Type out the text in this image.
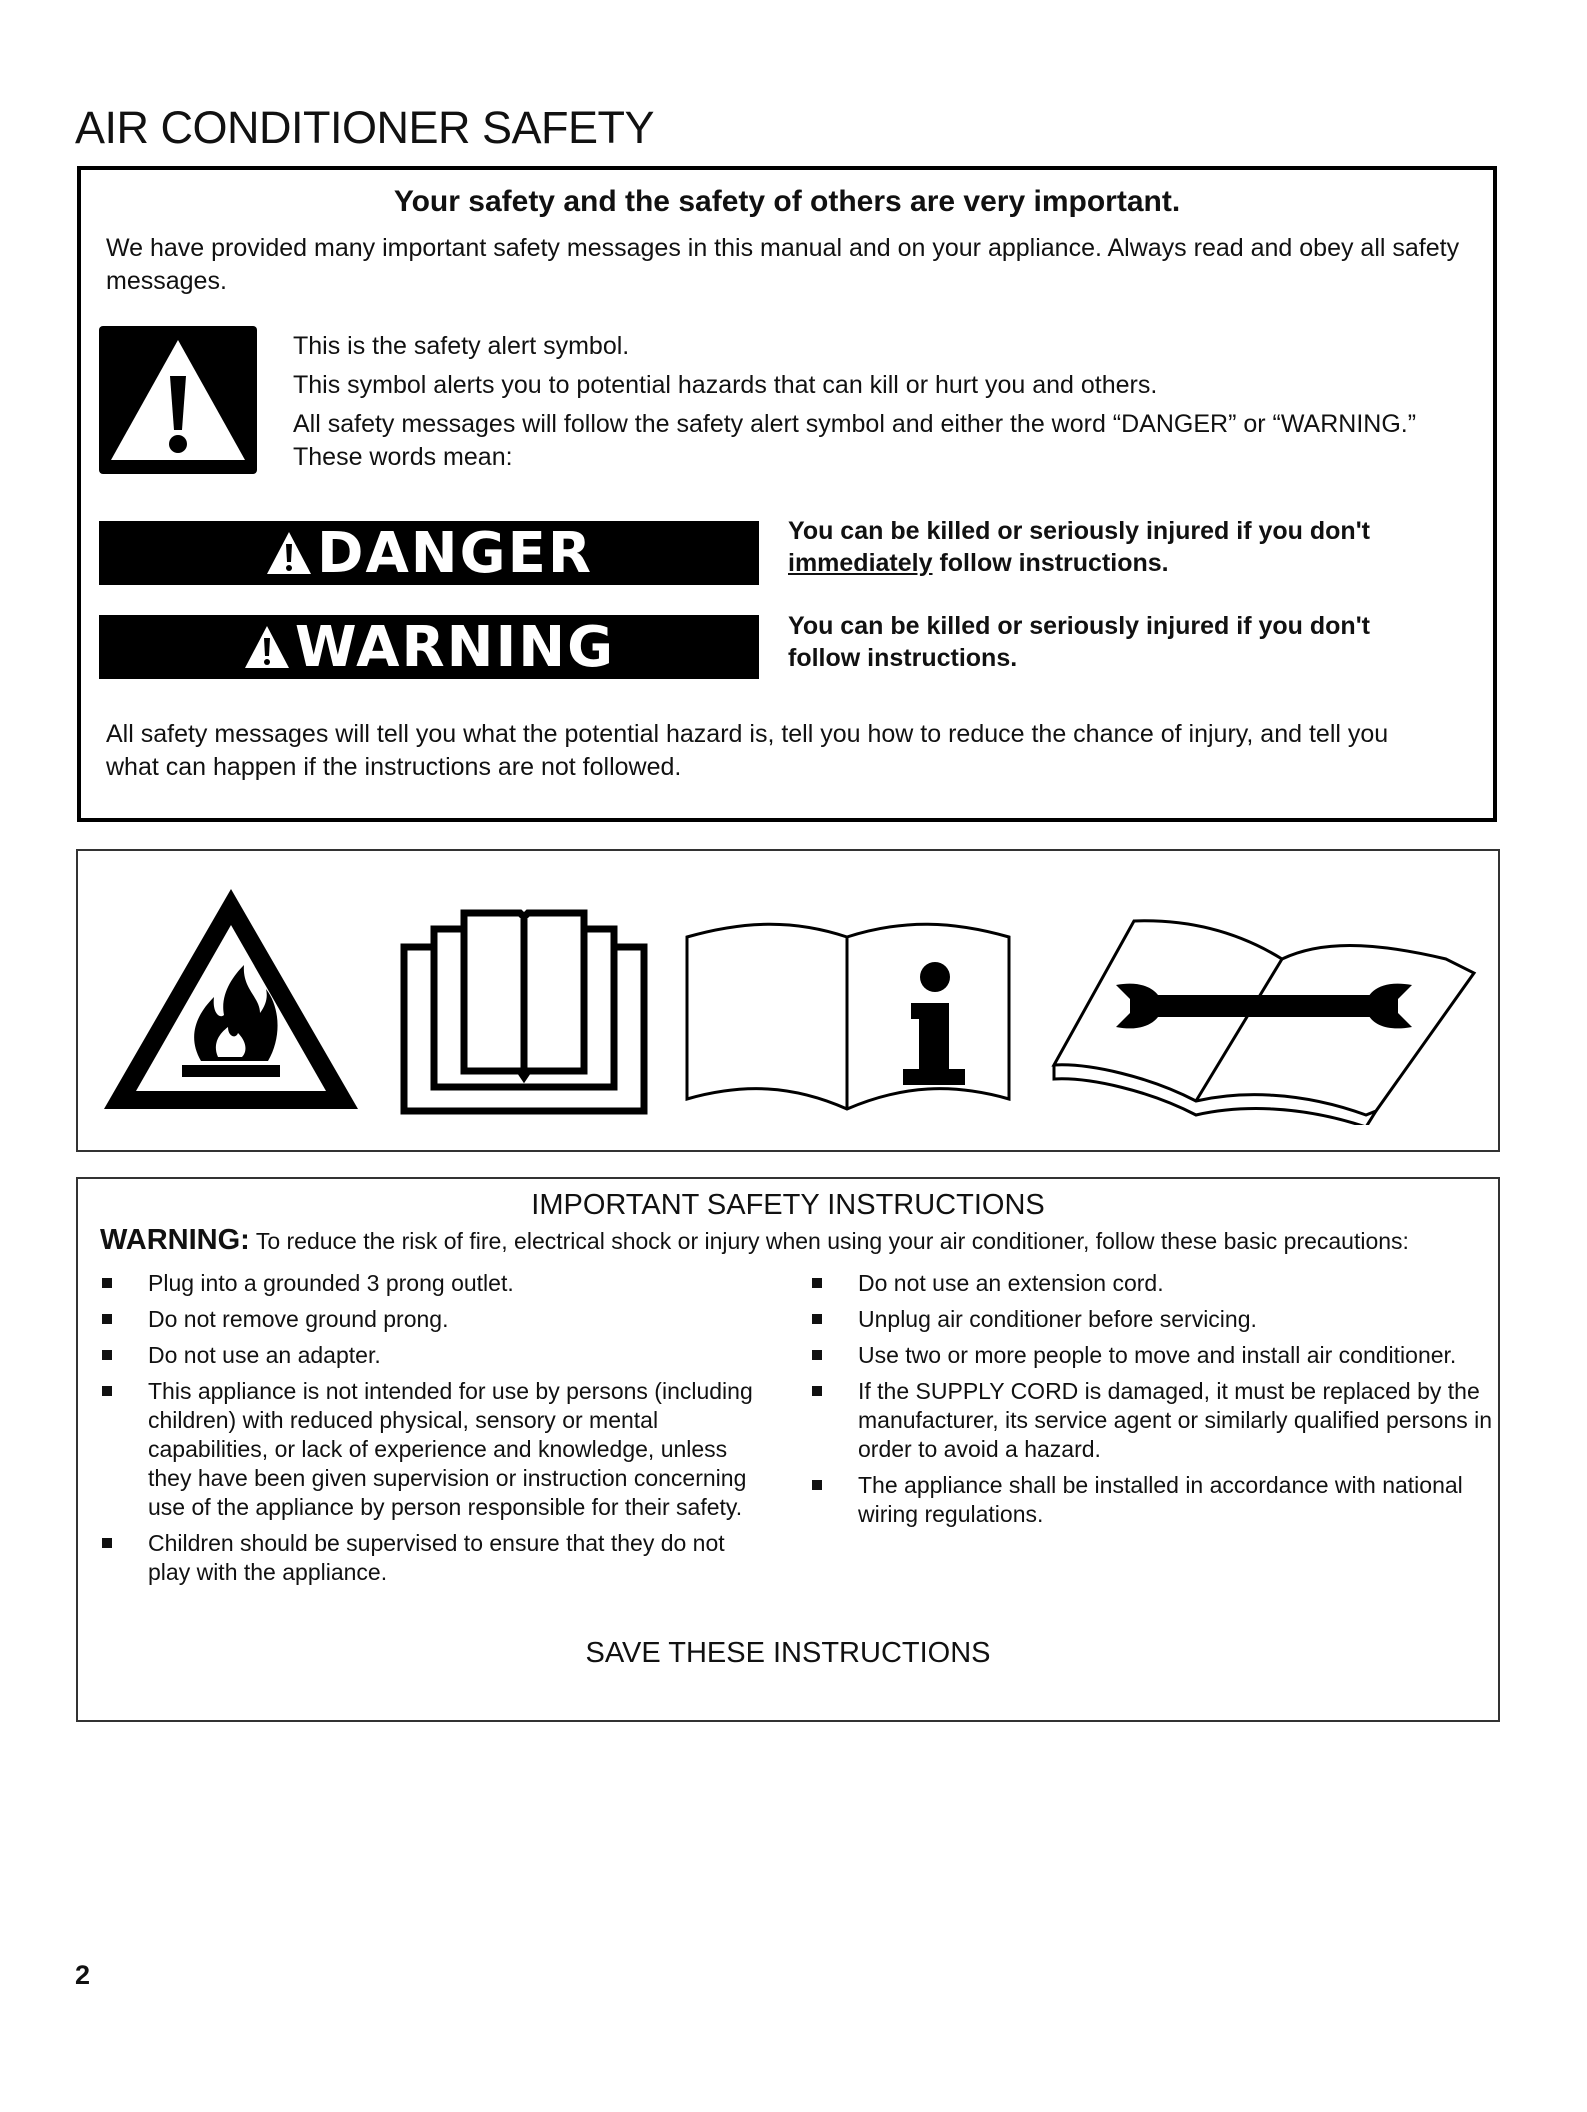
AIR CONDITIONER SAFETY
Your safety and the safety of others are very important.
We have provided many important safety messages in this manual and on your appliance. Always read and obey all safety messages.

This is the safety alert symbol.

This symbol alerts you to potential hazards that can kill or hurt you and others.

All safety messages will follow the safety alert symbol and either the word “DANGER” or “WARNING.” These words mean:

DANGER	You can be killed or seriously injured if you don't immediately follow instructions.
WARNING	You can be killed or seriously injured if you don't follow instructions.
All safety messages will tell you what the potential hazard is, tell you how to reduce the chance of injury, and tell you what can happen if the instructions are not followed.
IMPORTANT SAFETY INSTRUCTIONS
WARNING: To reduce the risk of fire, electrical shock or injury when using your air conditioner, follow these basic precautions:
Plug into a grounded 3 prong outlet.
Do not remove ground prong.
Do not use an adapter.
This appliance is not intended for use by persons (including children) with reduced physical, sensory or mental capabilities, or lack of experience and knowledge, unless they have been given supervision or instruction concerning use of the appliance by person responsible for their safety.
Children should be supervised to ensure that they do not play with the appliance.
Do not use an extension cord.
Unplug air conditioner before servicing.
Use two or more people to move and install air conditioner.
If the SUPPLY CORD is damaged, it must be replaced by the manufacturer, its service agent or similarly qualified persons in order to avoid a hazard.
The appliance shall be installed in accordance with national wiring regulations.
SAVE THESE INSTRUCTIONS
2
